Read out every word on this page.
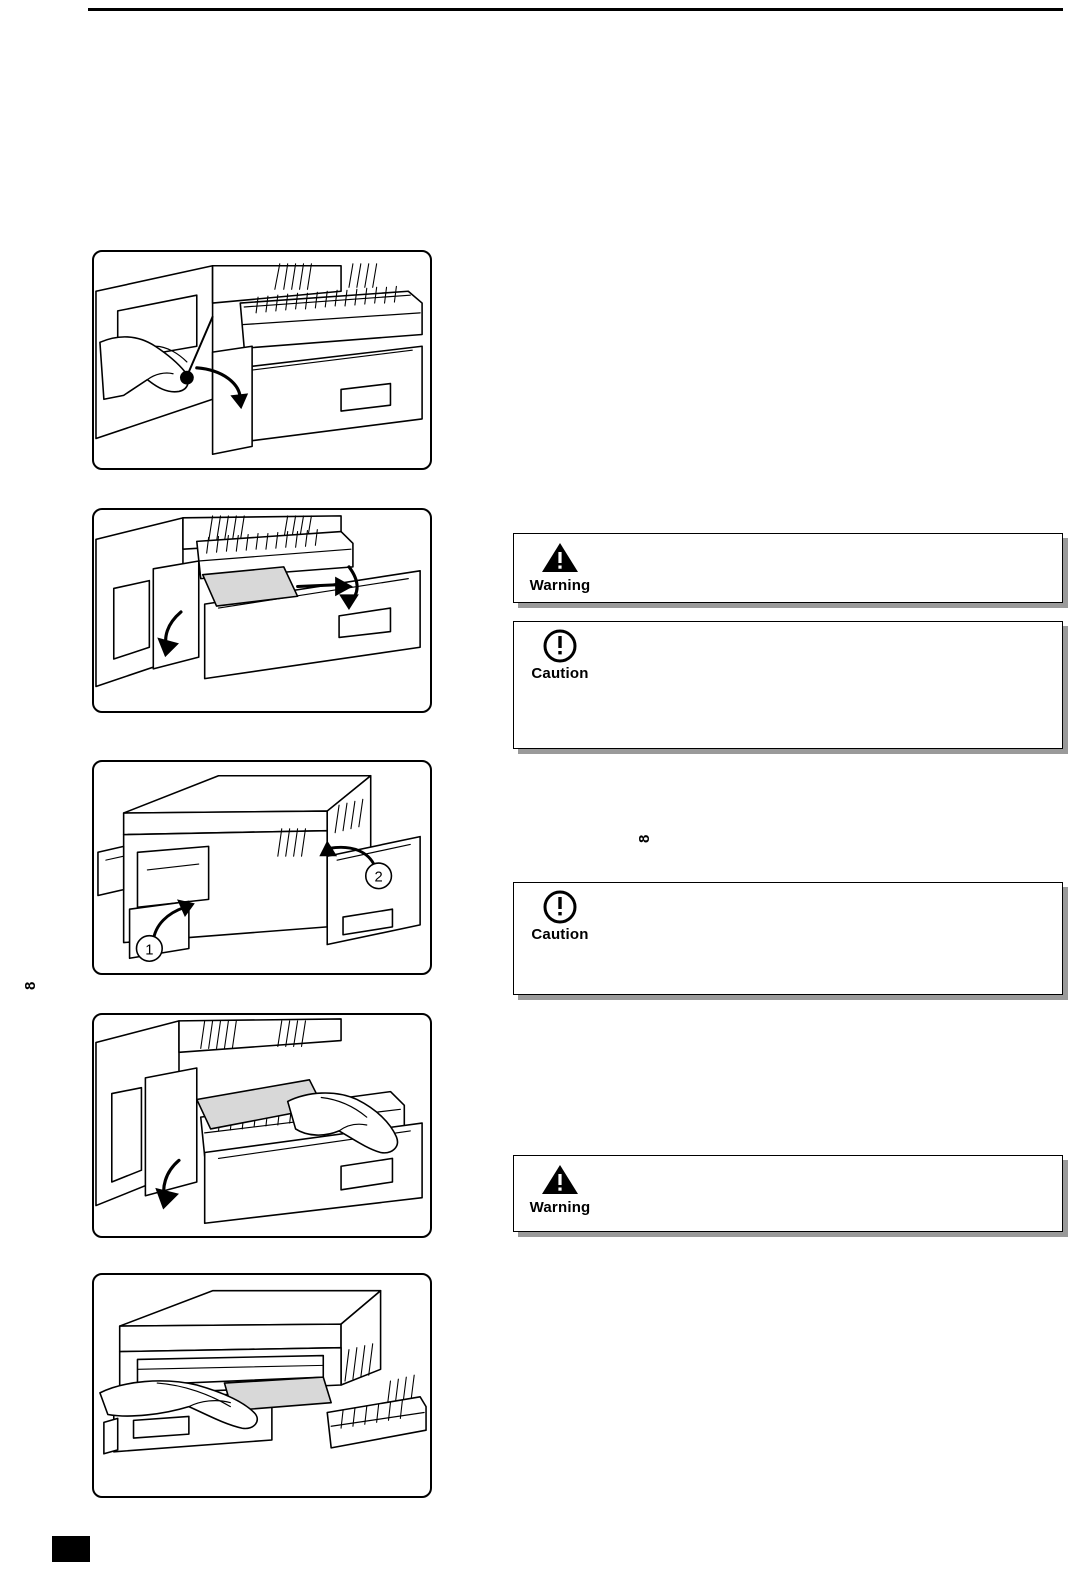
2
1
Warning
Caution
Caution
Warning
8
8
